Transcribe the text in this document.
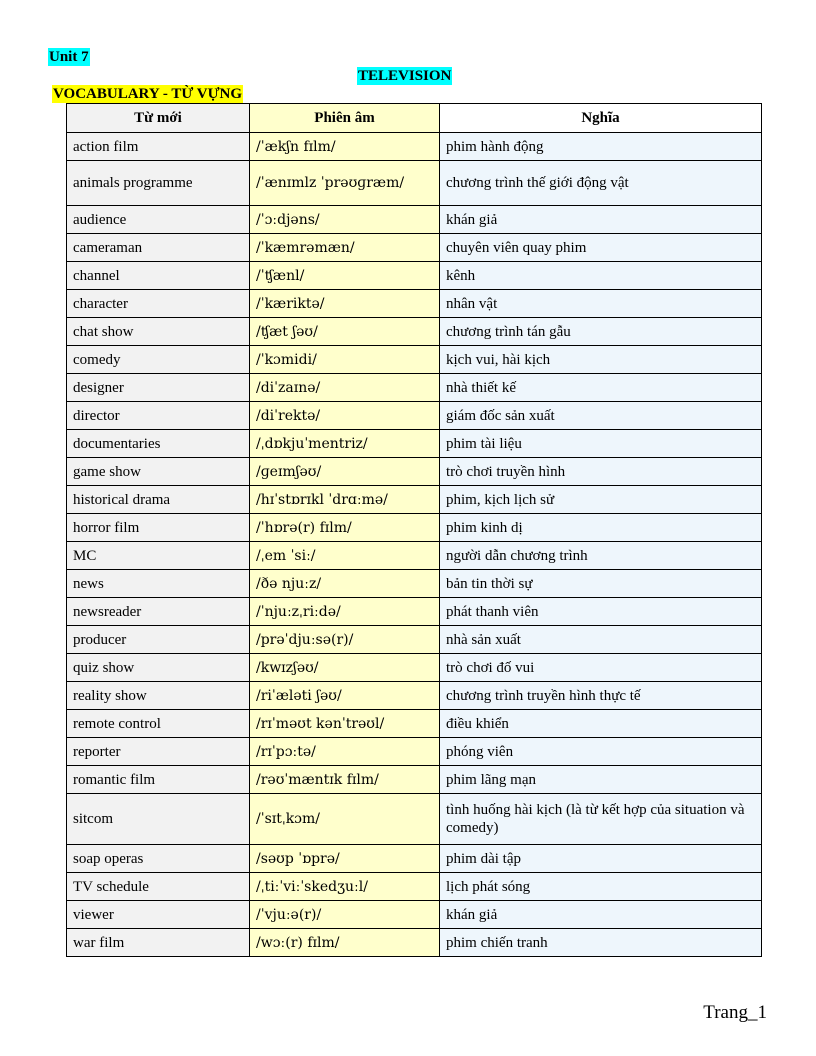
Unit 7
TELEVISION
VOCABULARY - TỪ VỰNG
Từ mới	Phiên âm	Nghĩa
action film	/ˈækʃn fɪlm/	phim hành động
animals programme	/ˈænɪmlz ˈprəʊɡræm/	chương trình thế giới động vật
audience	/ˈɔːdjəns/	khán giả
cameraman	/ˈkæmrəmæn/	chuyên viên quay phim
channel	/ˈʧænl/	kênh
character	/ˈkæriktə/	nhân vật
chat show	/ʧæt ʃəʊ/	chương trình tán gẫu
comedy	/ˈkɔmidi/	kịch vui, hài kịch
designer	/diˈzaɪnə/	nhà thiết kế
director	/diˈrektə/	giám đốc sản xuất
documentaries	/ˌdɒkjuˈmentriz/	phim tài liệu
game show	/ɡeɪmʃəʊ/	trò chơi truyền hình
historical drama	/hɪˈstɒrɪkl ˈdrɑːmə/	phim, kịch lịch sử
horror film	/ˈhɒrə(r) fɪlm/	phim kinh dị
MC	/ˌem ˈsiː/	người dẫn chương trình
news	/ðə njuːz/	bản tin thời sự
newsreader	/ˈnjuːzˌriːdə/	phát thanh viên
producer	/prəˈdjuːsə(r)/	nhà sản xuất
quiz show	/kwɪzʃəʊ/	trò chơi đố vui
reality show	/riˈæləti ʃəʊ/	chương trình truyền hình thực tế
remote control	/rɪˈməʊt kənˈtrəʊl/	điều khiển
reporter	/rɪˈpɔːtə/	phóng viên
romantic film	/rəʊˈmæntɪk fɪlm/	phim lãng mạn
sitcom	/ˈsɪtˌkɔm/	tình huống hài kịch (là từ kết hợp của situation và comedy)
soap operas	/səʊp ˈɒprə/	phim dài tập
TV schedule	/ˌtiːˈviːˈskedʒuːl/	lịch phát sóng
viewer	/ˈvjuːə(r)/	khán giả
war film	/wɔː(r) fɪlm/	phim chiến tranh
Trang_1
